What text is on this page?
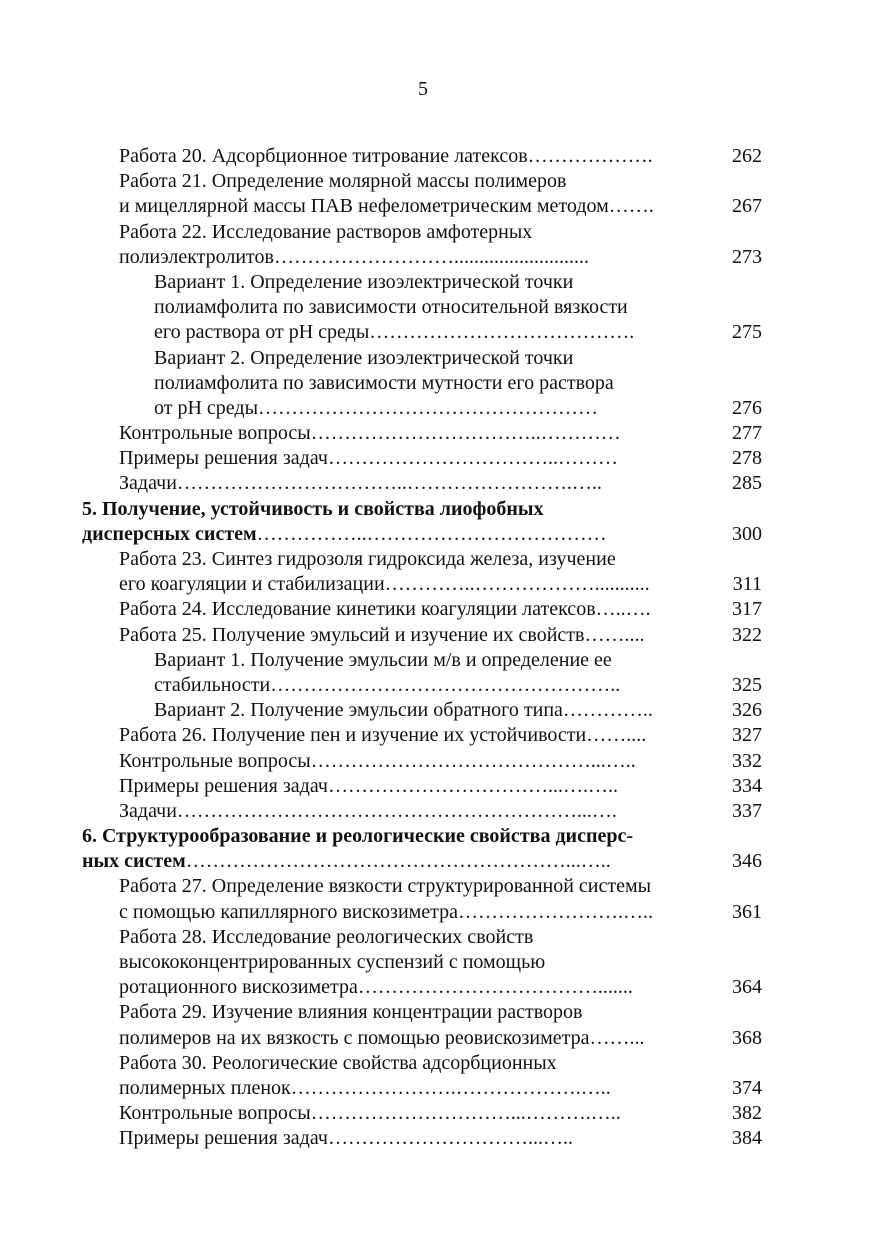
5
Работа 20. Адсорбционное титрование латексов……………….	262
Работа 21. Определение молярной массы полимеров
и мицеллярной массы ПАВ нефелометрическим методом…….	267
Работа 22. Исследование растворов амфотерных
полиэлектролитов………………………...........................	273
Вариант 1. Определение изоэлектрической точки
полиамфолита по зависимости относительной вязкости
его раствора от pH среды………………………………….	275
Вариант 2. Определение изоэлектрической точки
полиамфолита по зависимости мутности его раствора
от pH среды……………………………………………	276
Контрольные вопросы……………………………..…………	277
Примеры решения задач……………………………..………	278
Задачи……………………………..…………………….…..	285
5. Получение, устойчивость и свойства лиофобных
дисперсных систем……………..………………………………	300
Работа 23. Синтез гидрозоля гидроксида железа, изучение
его коагуляции и стабилизации…………..………………...........	311
Работа 24. Исследование кинетики коагуляции латексов…..….	317
Работа 25. Получение эмульсий и изучение их свойств……....	322
Вариант 1. Получение эмульсии м/в и определение ее
стабильности……………………………………………..	325
Вариант 2. Получение эмульсии обратного типа…………..	326
Работа 26. Получение пен и изучение их устойчивости……....	327
Контрольные вопросы……………………………………...…..	332
Примеры решения задач……………………………...….…..	334
Задачи……………………………………………………...….	337
6. Структурообразование и реологические свойства дисперс-
ных систем…………………………………………………...…..	346
Работа 27. Определение вязкости структурированной системы
с помощью капиллярного вискозиметра…………………….…..	361
Работа 28. Исследование реологических свойств
высококонцентрированных суспензий с помощью
ротационного вискозиметра……………………………….......	364
Работа 29. Изучение влияния концентрации растворов
полимеров на их вязкость с помощью реовискозиметра……...	368
Работа 30. Реологические свойства адсорбционных
полимерных пленок…………………….……………….…..	374
Контрольные вопросы…………………………...……….…..	382
Примеры решения задач…………………………...…..	384
